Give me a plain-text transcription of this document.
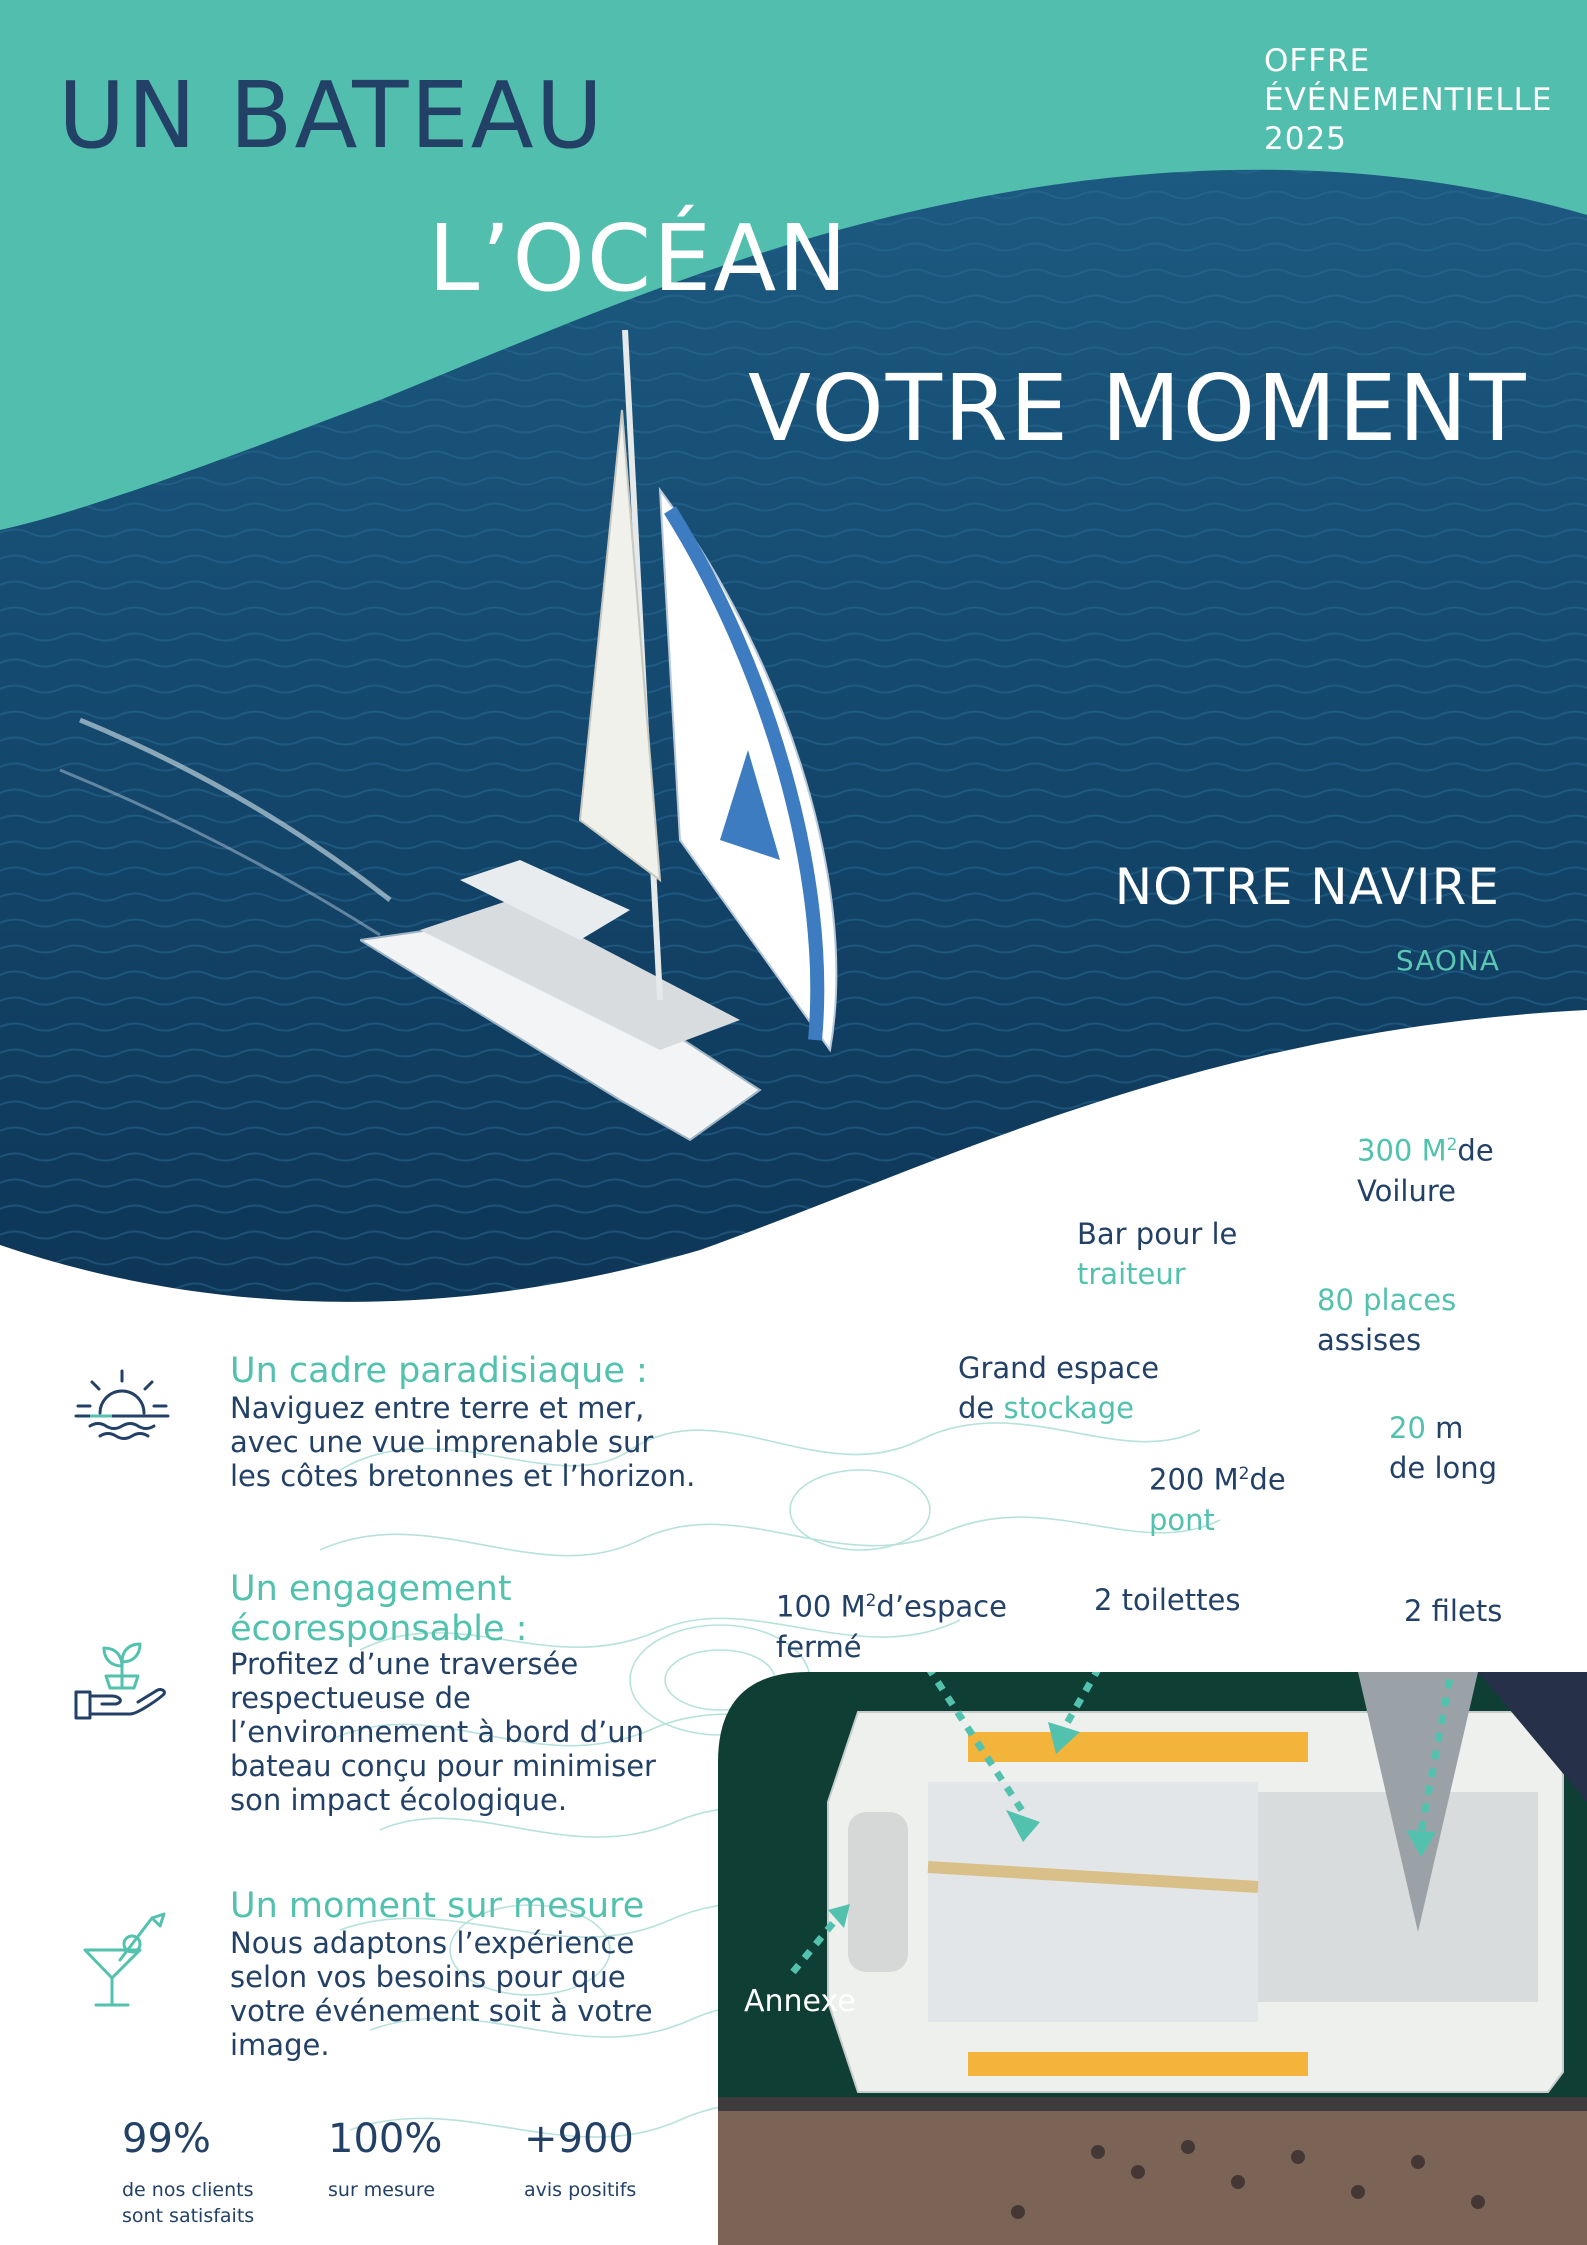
UN BATEAU
L’OCÉAN
VOTRE MOMENT
OFFRE
ÉVÉNEMENTIELLE
2025
NOTRE NAVIRE
SAONA
300 $M^2de$
Voilure
Bar pour le
traiteur
80 places
assises
Grand espace
de stockage
20 m
de long
200 $M^2de$
pont
100 $M^2d’espace$
fermé
2 toilettes	2 filets
Annexe
Un cadre paradisiaque :
Naviguez entre terre et mer, avec une vue imprenable sur les côtes bretonnes et l’horizon.
Un engagement écoresponsable :
Profitez d’une traversée respectueuse de l’environnement à bord d’un bateau conçu pour minimiser son impact écologique.
Un moment sur mesure
Nous adaptons l’expérience selon vos besoins pour que votre événement soit à votre image.
99%
de nos clients sont satisfaits
100%
sur mesure
+900
avis positifs
